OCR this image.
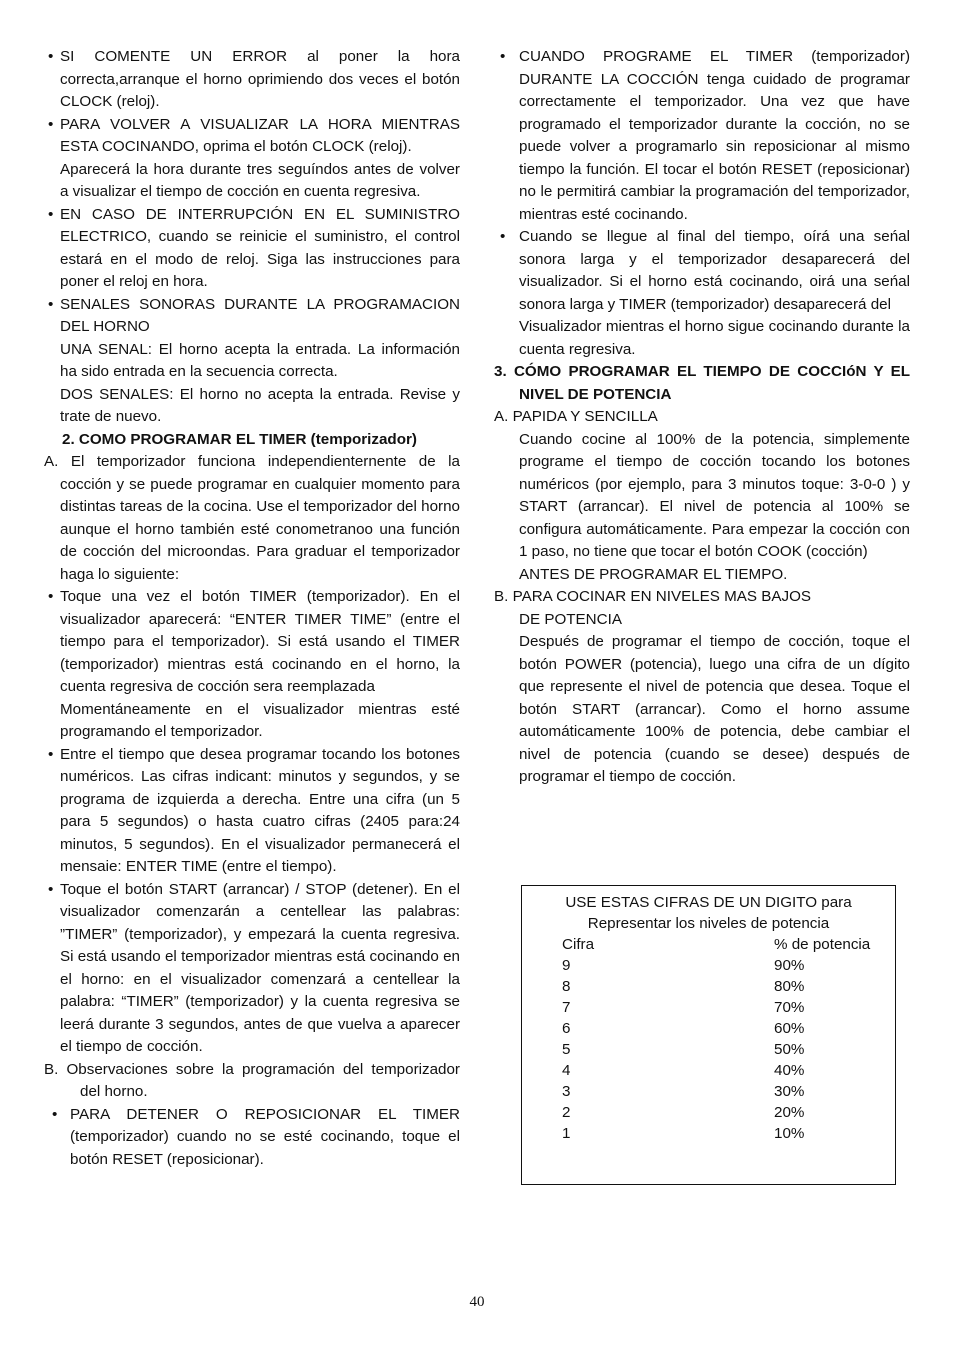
• SI COMENTE UN ERROR al poner la hora correcta,arranque el horno oprimiendo dos veces el botón CLOCK (reloj).
• PARA VOLVER A VISUALIZAR LA HORA MIENTRAS ESTA COCINANDO, oprima el botón CLOCK (reloj).
Aparecerá la hora durante tres seguíndos antes de volver a visualizar el tiempo de cocción en cuenta regresiva.
• EN CASO DE INTERRUPCIÓN EN EL SUMINISTRO ELECTRICO, cuando se reinicie el suministro, el control estará en el modo de reloj. Siga las instrucciones para poner el reloj en hora.
• SENALES SONORAS DURANTE LA PROGRAMACION DEL HORNO
UNA SENAL: El horno acepta la entrada. La información ha sido entrada en la secuencia correcta.
DOS SENALES: El horno no acepta la entrada. Revise y trate de nuevo.
2. COMO PROGRAMAR EL TIMER (temporizador)
A. El temporizador funciona independienternente de la cocción y se puede programar en cualquier momento para distintas tareas de la cocina. Use el temporizador del horno aunque el horno también esté conometranoo una función de cocción del microondas. Para graduar el temporizador haga lo siguiente:
• Toque una vez el botón TIMER (temporizador). En el visualizador aparecerá: “ENTER TIMER TIME” (entre el tiempo para el temporizador). Si está usando el TIMER (temporizador) mientras está cocinando en el horno, la cuenta regresiva de cocción sera reemplazada
Momentáneamente en el visualizador mientras esté programando el temporizador.
• Entre el tiempo que desea programar tocando los botones numéricos. Las cifras indicant: minutos y segundos, y se programa de izquierda a derecha. Entre una cifra (un 5 para 5 segundos) o hasta cuatro cifras (2405 para:24 minutos, 5 segundos). En el visualizador permanecerá el mensaie: ENTER TIME (entre el tiempo).
• Toque el botón START (arrancar) / STOP (detener). En el visualizador comenzarán a centellear las palabras: ”TIMER” (temporizador), y empezará la cuenta regresiva. Si está usando el temporizador mientras está cocinando en el horno: en el visualizador comenzará a centellear la palabra: “TIMER” (temporizador) y la cuenta regresiva se leerá durante 3 segundos, antes de que vuelva a aparecer el tiempo de cocción.
B. Observaciones sobre la programación del temporizador del horno.
• PARA DETENER O REPOSICIONAR EL TIMER (temporizador) cuando no se esté cocinando, toque el botón RESET (reposicionar).
• CUANDO PROGRAME EL TIMER (temporizador) DURANTE LA COCCIÓN tenga cuidado de programar correctamente el temporizador. Una vez que have programado el temporizador durante la cocción, no se puede volver a programarlo sin reposicionar al mismo tiempo la función. El tocar el botón RESET (reposicionar) no le permitirá cambiar la programación del temporizador, mientras esté cocinando.
• Cuando se llegue al final del tiempo, oírá una seńal sonora larga y el temporizador desaparecerá del visualizador. Si el horno está cocinando, oirá una seńal sonora larga y TIMER (temporizador) desaparecerá del
Visualizador mientras el horno sigue cocinando durante la cuenta regresiva.
3. CÓMO PROGRAMAR EL TIEMPO DE COCCIóN Y EL NIVEL DE POTENCIA
A. PAPIDA Y SENCILLA
Cuando cocine al 100% de la potencia, simplemente programe el tiempo de cocción tocando los botones numéricos (por ejemplo, para 3 minutos toque: 3-0-0 ) y START (arrancar). El nivel de potencia al 100% se configura automáticamente. Para empezar la cocción con 1 paso, no tiene que tocar el botón COOK (cocción)
ANTES DE PROGRAMAR EL TIEMPO.
B. PARA COCINAR EN NIVELES MAS BAJOS
DE POTENCIA
Después de programar el tiempo de cocción, toque el botón POWER (potencia), luego una cifra de un dígito que represente el nivel de potencia que desea. Toque el botón START (arrancar). Como el horno assume automáticamente 100% de potencia, debe cambiar el nivel de potencia (cuando se desee) después de programar el tiempo de cocción.
USE ESTAS CIFRAS DE UN DIGITO para
Representar los niveles de potencia
Cifra	% de potencia
9	90%
8	80%
7	70%
6	60%
5	50%
4	40%
3	30%
2	20%
1	10%
40
